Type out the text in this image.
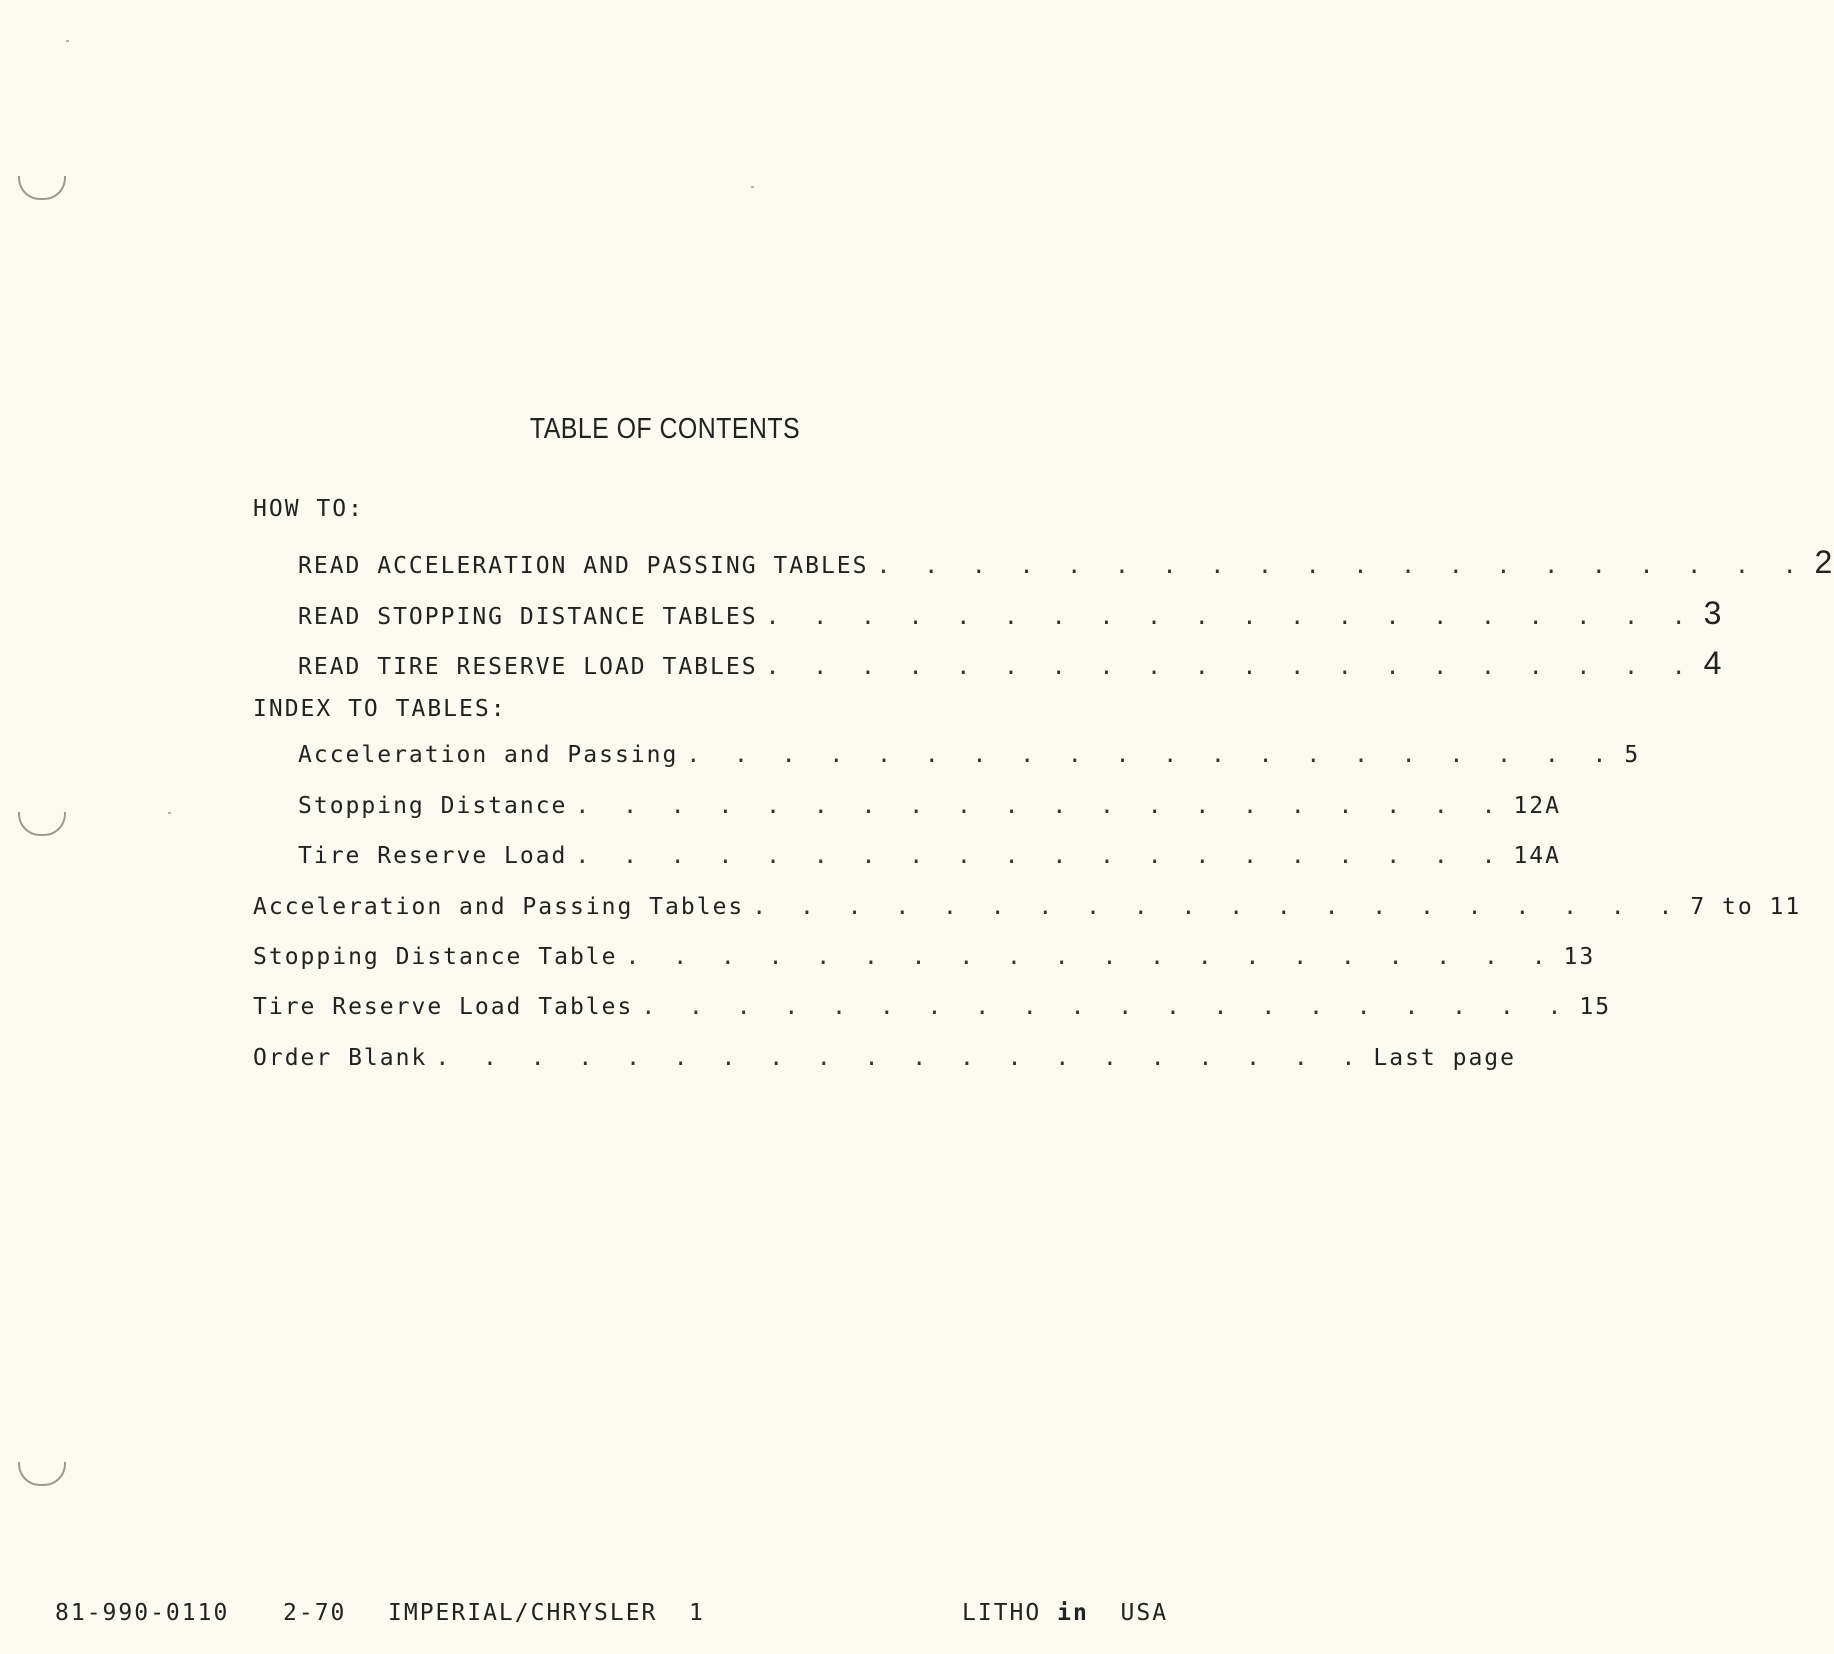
TABLE OF CONTENTS
HOW TO:
READ ACCELERATION AND PASSING TABLES . . . . . . . . . . . . . . . . . . . . 2
READ STOPPING DISTANCE TABLES . . . . . . . . . . . . . . . . . . . . 3
READ TIRE RESERVE LOAD TABLES . . . . . . . . . . . . . . . . . . . . 4
INDEX TO TABLES:
Acceleration and Passing . . . . . . . . . . . . . . . . . . . . 5
Stopping Distance . . . . . . . . . . . . . . . . . . . . 12A
Tire Reserve Load . . . . . . . . . . . . . . . . . . . . 14A
Acceleration and Passing Tables . . . . . . . . . . . . . . . . . . . . 7 to 11
Stopping Distance Table . . . . . . . . . . . . . . . . . . . . 13
Tire Reserve Load Tables . . . . . . . . . . . . . . . . . . . . 15
Order Blank . . . . . . . . . . . . . . . . . . . . Last page
81-990-0110 2-70 IMPERIAL/CHRYSLER 1	LITHO in USA
